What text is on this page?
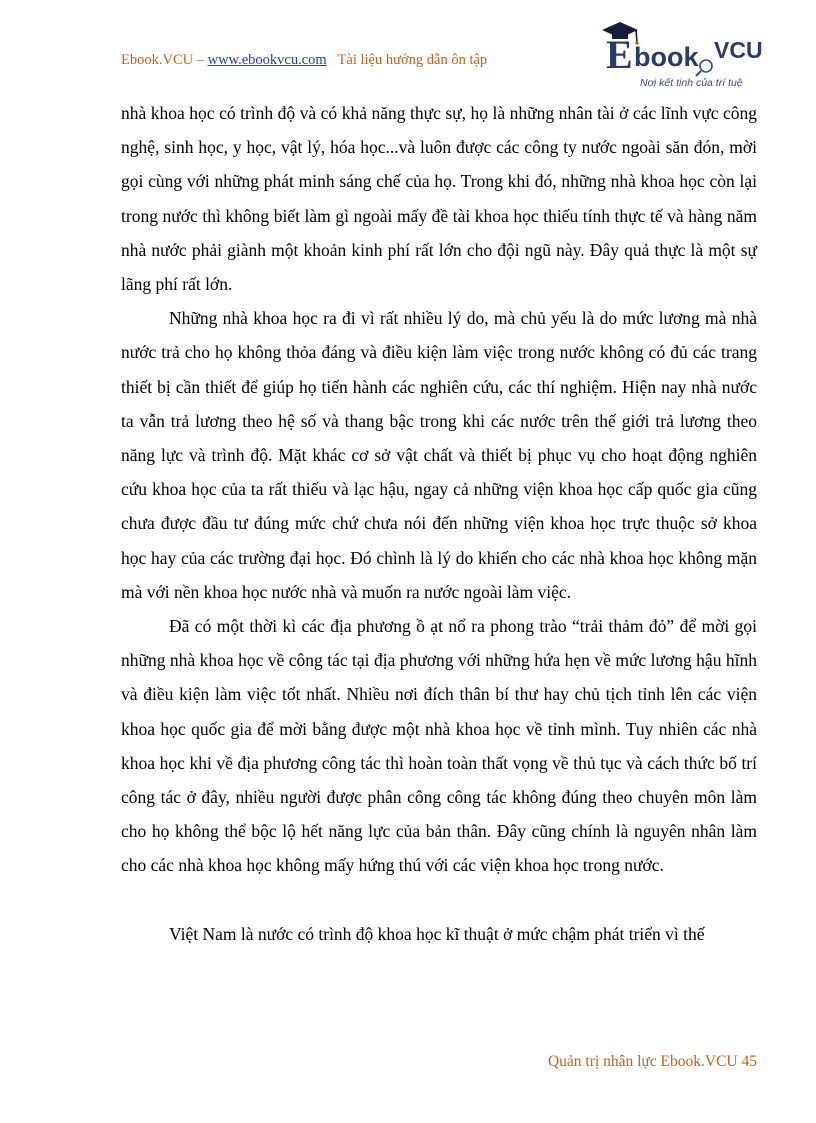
Ebook.VCU – www.ebookvcu.com Tài liệu hướng dẫn ôn tập	E book VCU
Nơi kết tinh của trí tuệ

nhà khoa học có trình độ và có khả năng thực sự, họ là những nhân tài ở các lĩnh vực công nghệ, sinh học, y học, vật lý, hóa học...và luôn được các công ty nước ngoài săn đón, mời gọi cùng với những phát minh sáng chế của họ. Trong khi đó, những nhà khoa học còn lại trong nước thì không biết làm gì ngoài mấy đề tài khoa học thiếu tính thực tế và hàng năm nhà nước phải giành một khoản kinh phí rất lớn cho đội ngũ này. Đây quả thực là một sự lãng phí rất lớn.

Những nhà khoa học ra đi vì rất nhiều lý do, mà chủ yếu là do mức lương mà nhà nước trả cho họ không thỏa đáng và điều kiện làm việc trong nước không có đủ các trang thiết bị cần thiết để giúp họ tiến hành các nghiên cứu, các thí nghiệm. Hiện nay nhà nước ta vẫn trả lương theo hệ số và thang bậc trong khi các nước trên thế giới trả lương theo năng lực và trình độ. Mặt khác cơ sở vật chất và thiết bị phục vụ cho hoạt động nghiên cứu khoa học của ta rất thiếu và lạc hậu, ngay cả những viện khoa học cấp quốc gia cũng chưa được đầu tư đúng mức chứ chưa nói đến những viện khoa học trực thuộc sở khoa học hay của các trường đại học. Đó chình là lý do khiến cho các nhà khoa học không mặn mà với nền khoa học nước nhà và muốn ra nước ngoài làm việc.

Đã có một thời kì các địa phương ồ ạt nổ ra phong trào “trải thảm đỏ” để mời gọi những nhà khoa học về công tác tại địa phương với những hứa hẹn về mức lương hậu hĩnh và điều kiện làm việc tốt nhất. Nhiều nơi đích thân bí thư hay chủ tịch tỉnh lên các viện khoa học quốc gia để mời bằng được một nhà khoa học về tỉnh mình. Tuy nhiên các nhà khoa học khi về địa phương công tác thì hoàn toàn thất vọng về thủ tục và cách thức bố trí công tác ở đây, nhiều người được phân công công tác không đúng theo chuyên môn làm cho họ không thể bộc lộ hết năng lực của bản thân. Đây cũng chính là nguyên nhân làm cho các nhà khoa học không mấy hứng thú với các viện khoa học trong nước.

Việt Nam là nước có trình độ khoa học kĩ thuật ở mức chậm phát triển vì thế

Quản trị nhân lực Ebook.VCU 45
